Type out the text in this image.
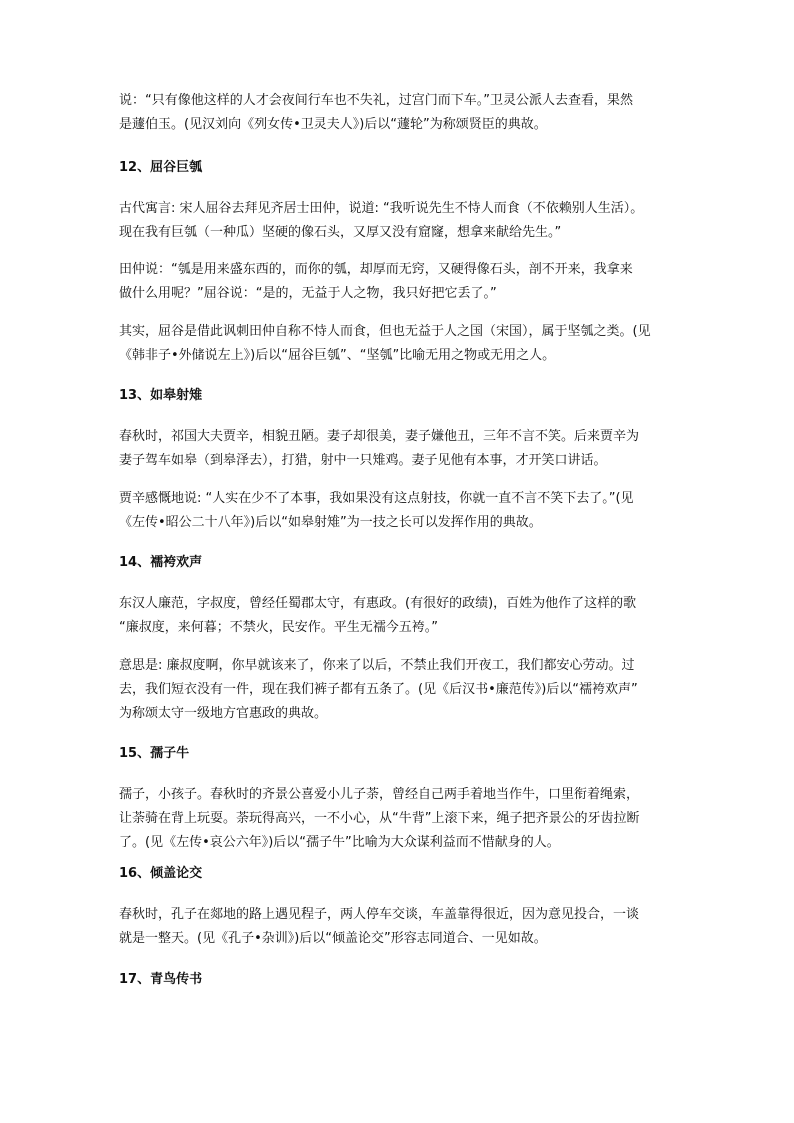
说：“只有像他这样的人才会夜间行车也不失礼，过宫门而下车。”卫灵公派人去查看，果然
是蘧伯玉。(见汉刘向《列女传•卫灵夫人》)后以“蘧轮”为称颂贤臣的典故。
12、屈谷巨瓠
古代寓言: 宋人屈谷去拜见齐居士田仲，说道: “我听说先生不恃人而食（不依赖别人生活）。
现在我有巨瓠（一种瓜）坚硬的像石头，又厚又没有窟窿，想拿来献给先生。”
田仲说：“瓠是用来盛东西的，而你的瓠，却厚而无窍，又硬得像石头，剖不开来，我拿来
做什么用呢？”屈谷说：“是的，无益于人之物，我只好把它丢了。”
其实，屈谷是借此讽刺田仲自称不恃人而食，但也无益于人之国（宋国），属于坚瓠之类。(见
《韩非子•外储说左上》)后以“屈谷巨瓠”、“坚瓠”比喻无用之物或无用之人。
13、如皋射雉
春秋时，祁国大夫贾辛，相貌丑陋。妻子却很美，妻子嫌他丑，三年不言不笑。后来贾辛为
妻子驾车如皋（到皋泽去），打猎，射中一只雉鸡。妻子见他有本事，才开笑口讲话。
贾辛感慨地说: “人实在少不了本事，我如果没有这点射技，你就一直不言不笑下去了。”(见
《左传•昭公二十八年》)后以“如皋射雉”为一技之长可以发挥作用的典故。
14、襦袴欢声
东汉人廉范，字叔度，曾经任蜀郡太守，有惠政。(有很好的政绩)，百姓为他作了这样的歌
“廉叔度，来何暮；不禁火，民安作。平生无襦今五袴。”
意思是: 廉叔度啊，你早就该来了，你来了以后，不禁止我们开夜工，我们都安心劳动。过
去，我们短衣没有一件，现在我们裤子都有五条了。(见《后汉书•廉范传》)后以“襦袴欢声”
为称颂太守一级地方官惠政的典故。
15、孺子牛
孺子，小孩子。春秋时的齐景公喜爱小儿子荼，曾经自己两手着地当作牛，口里衔着绳索，
让荼骑在背上玩耍。荼玩得高兴，一不小心，从“牛背”上滚下来，绳子把齐景公的牙齿拉断
了。(见《左传•哀公六年》)后以“孺子牛”比喻为大众谋利益而不惜献身的人。
16、倾盖论交
春秋时，孔子在郯地的路上遇见程子，两人停车交谈，车盖靠得很近，因为意见投合，一谈
就是一整天。(见《孔子•杂训》)后以“倾盖论交”形容志同道合、一见如故。
17、青鸟传书
